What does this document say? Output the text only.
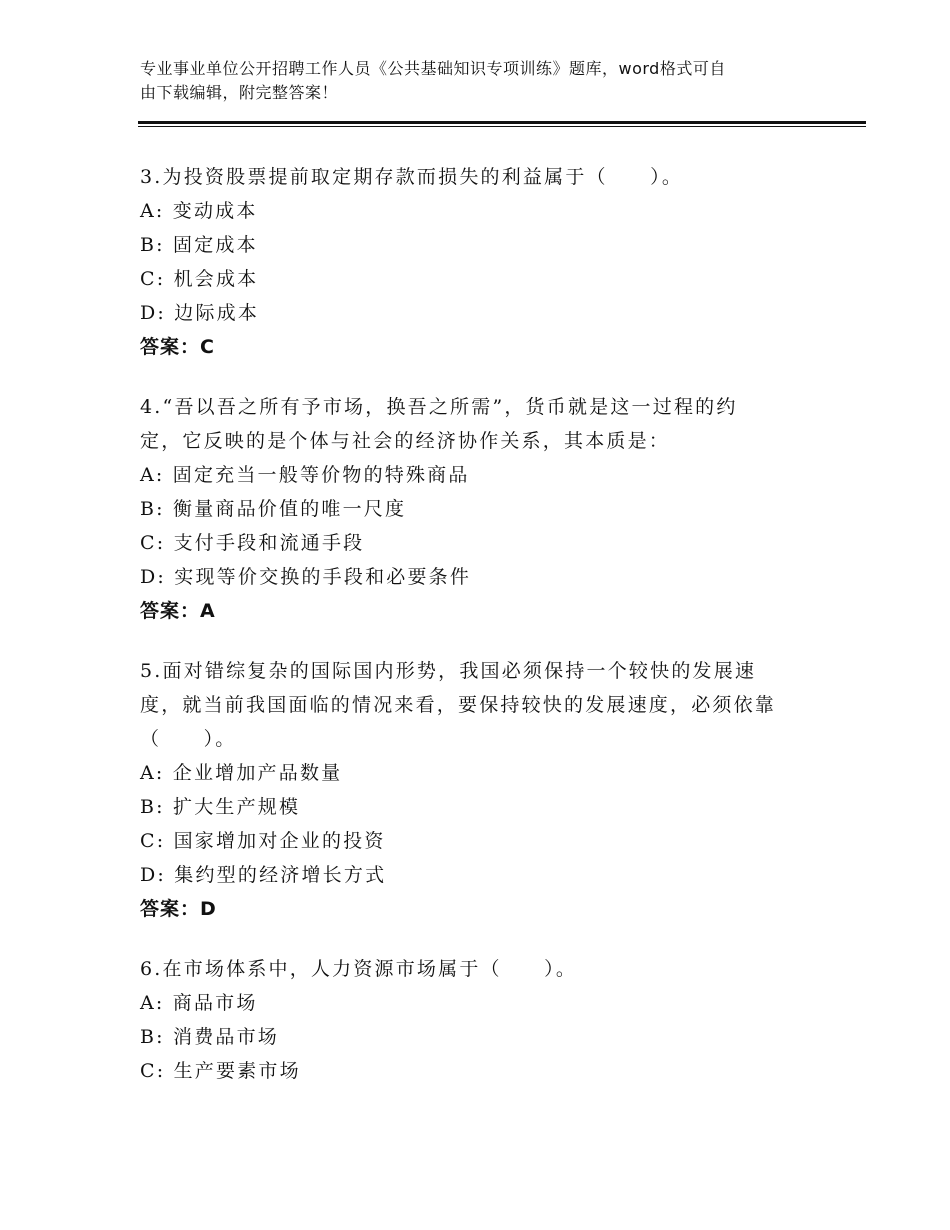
专业事业单位公开招聘工作人员《公共基础知识专项训练》题库，word格式可自
由下载编辑，附完整答案！
3.为投资股票提前取定期存款而损失的利益属于（　　）。
A: 变动成本
B: 固定成本
C: 机会成本
D: 边际成本
答案：C
4.“吾以吾之所有予市场，换吾之所需”，货币就是这一过程的约
定，它反映的是个体与社会的经济协作关系，其本质是：
A: 固定充当一般等价物的特殊商品
B: 衡量商品价值的唯一尺度
C: 支付手段和流通手段
D: 实现等价交换的手段和必要条件
答案：A
5.面对错综复杂的国际国内形势，我国必须保持一个较快的发展速
度，就当前我国面临的情况来看，要保持较快的发展速度，必须依靠
（　　）。
A: 企业增加产品数量
B: 扩大生产规模
C: 国家增加对企业的投资
D: 集约型的经济增长方式
答案：D
6.在市场体系中，人力资源市场属于（　　）。
A: 商品市场
B: 消费品市场
C: 生产要素市场
